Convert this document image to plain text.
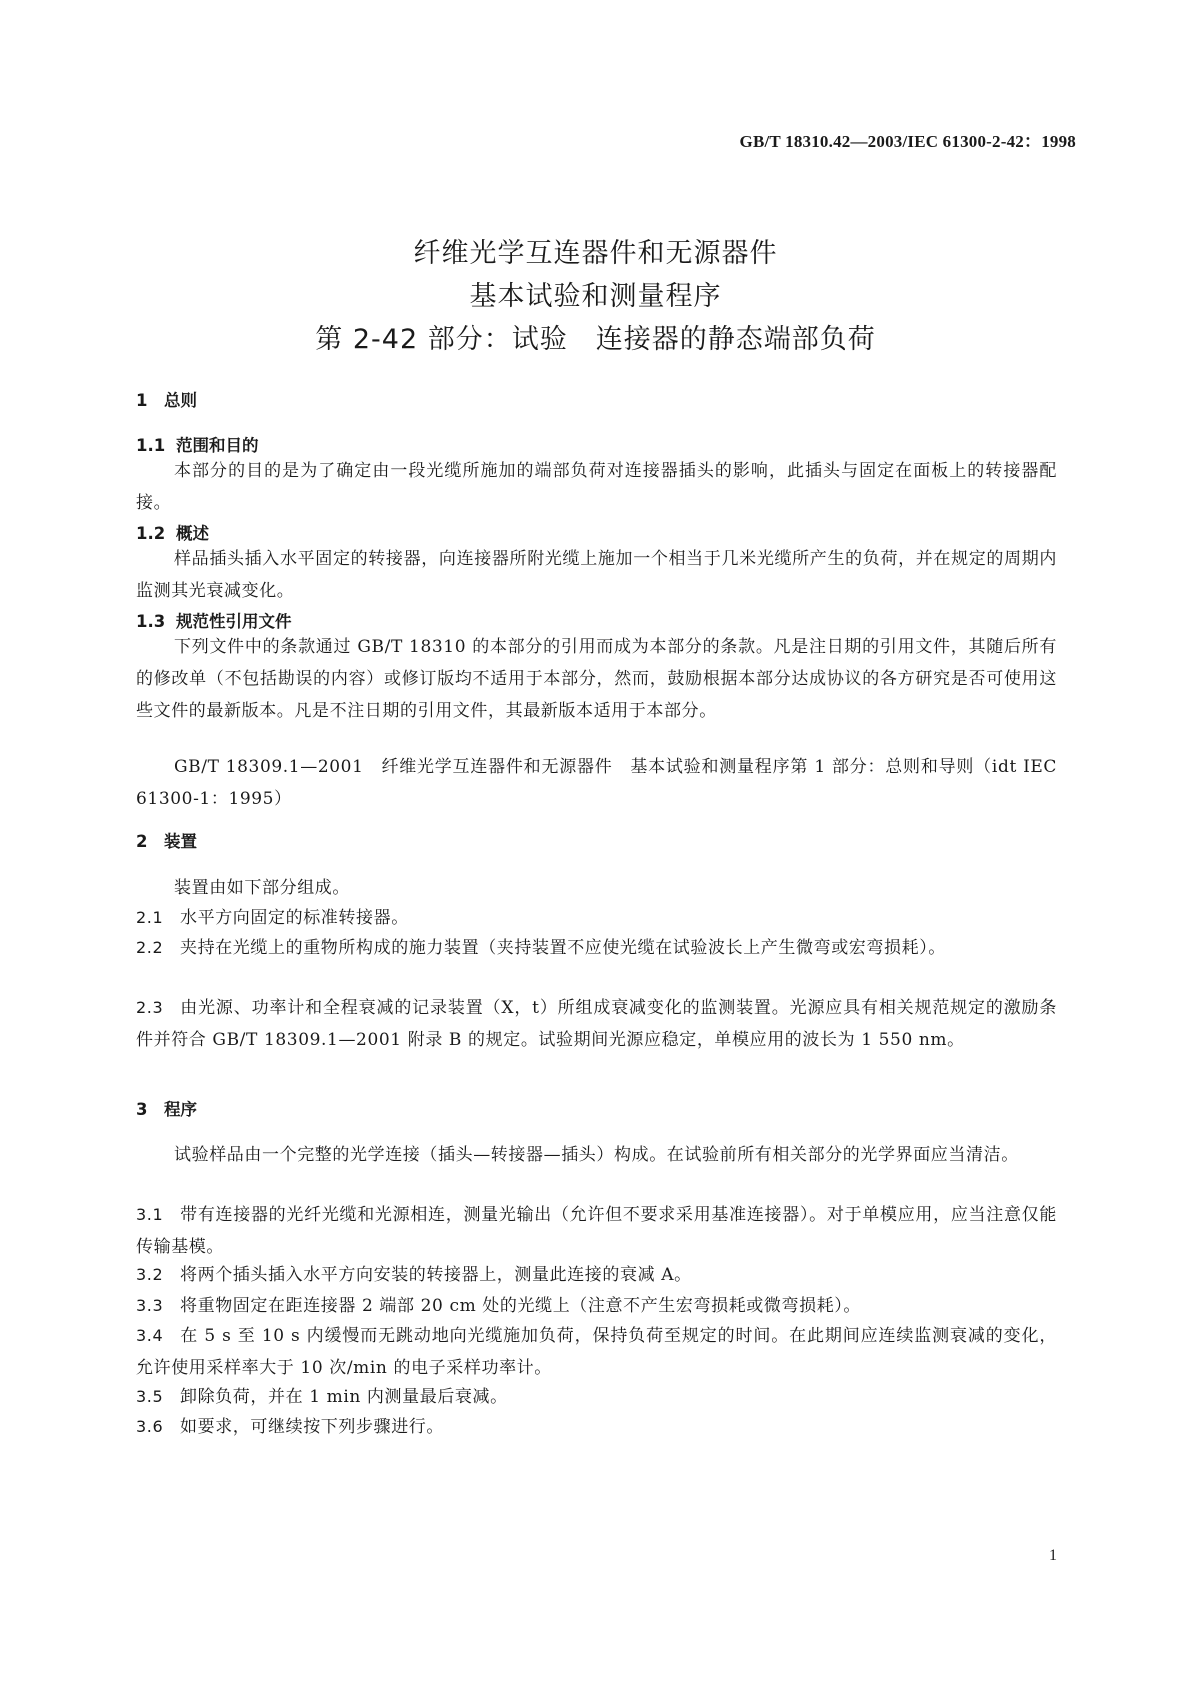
GB/T 18310.42—2003/IEC 61300-2-42：1998
纤维光学互连器件和无源器件
基本试验和测量程序
第 2-42 部分：试验　连接器的静态端部负荷
1 总则
1.1 范围和目的

本部分的目的是为了确定由一段光缆所施加的端部负荷对连接器插头的影响，此插头与固定在面板上的转接器配接。

1.2 概述

样品插头插入水平固定的转接器，向连接器所附光缆上施加一个相当于几米光缆所产生的负荷，并在规定的周期内监测其光衰减变化。

1.3 规范性引用文件

下列文件中的条款通过 GB/T 18310 的本部分的引用而成为本部分的条款。凡是注日期的引用文件，其随后所有的修改单（不包括勘误的内容）或修订版均不适用于本部分，然而，鼓励根据本部分达成协议的各方研究是否可使用这些文件的最新版本。凡是不注日期的引用文件，其最新版本适用于本部分。

GB/T 18309.1—2001　纤维光学互连器件和无源器件　基本试验和测量程序第 1 部分：总则和导则（idt IEC 61300-1：1995）

2 装置

装置由如下部分组成。

2.1 水平方向固定的标准转接器。

2.2 夹持在光缆上的重物所构成的施力装置（夹持装置不应使光缆在试验波长上产生微弯或宏弯损耗）。

2.3 由光源、功率计和全程衰减的记录装置（X，t）所组成衰减变化的监测装置。光源应具有相关规范规定的激励条件并符合 GB/T 18309.1—2001 附录 B 的规定。试验期间光源应稳定，单模应用的波长为 1 550 nm。

3 程序

试验样品由一个完整的光学连接（插头—转接器—插头）构成。在试验前所有相关部分的光学界面应当清洁。

3.1 带有连接器的光纤光缆和光源相连，测量光输出（允许但不要求采用基准连接器）。对于单模应用，应当注意仅能传输基模。

3.2 将两个插头插入水平方向安装的转接器上，测量此连接的衰减 A。

3.3 将重物固定在距连接器 2 端部 20 cm 处的光缆上（注意不产生宏弯损耗或微弯损耗）。

3.4 在 5 s 至 10 s 内缓慢而无跳动地向光缆施加负荷，保持负荷至规定的时间。在此期间应连续监测衰减的变化，允许使用采样率大于 10 次/min 的电子采样功率计。

3.5 卸除负荷，并在 1 min 内测量最后衰减。

3.6 如要求，可继续按下列步骤进行。

1
